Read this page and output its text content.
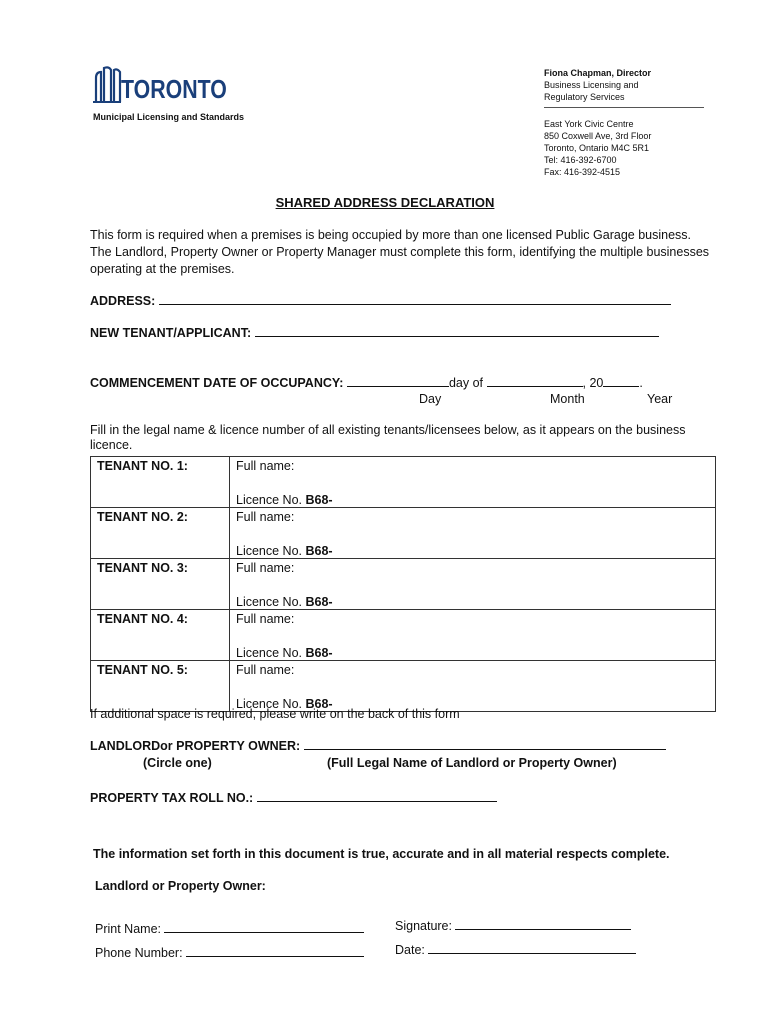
TORONTO
Municipal Licensing and Standards
Fiona Chapman, Director
Business Licensing and
Regulatory Services
East York Civic Centre
850 Coxwell Ave, 3rd Floor
Toronto, Ontario M4C 5R1
Tel: 416-392-6700
Fax: 416-392-4515
SHARED ADDRESS DECLARATION
This form is required when a premises is being occupied by more than one licensed Public Garage business. The Landlord, Property Owner or Property Manager must complete this form, identifying the multiple businesses operating at the premises.
ADDRESS:
NEW TENANT/APPLICANT:
COMMENCEMENT DATE OF OCCUPANCY:	day of	, 20	.
Day	Month	Year
Fill in the legal name & licence number of all existing tenants/licensees below, as it appears on the business licence.
TENANT NO. 1:	Full name:
Licence No. B68-

TENANT NO. 2:	Full name:
Licence No. B68-

TENANT NO. 3:	Full name:
Licence No. B68-

TENANT NO. 4:	Full name:
Licence No. B68-

TENANT NO. 5:	Full name:
Licence No. B68-
If additional space is required, please write on the back of this form
LANDLORDor PROPERTY OWNER:
(Circle one)	(Full Legal Name of Landlord or Property Owner)
PROPERTY TAX ROLL NO.:
The information set forth in this document is true, accurate and in all material respects complete.
Landlord or Property Owner:
Print Name:	Signature:
Phone Number:	Date:
